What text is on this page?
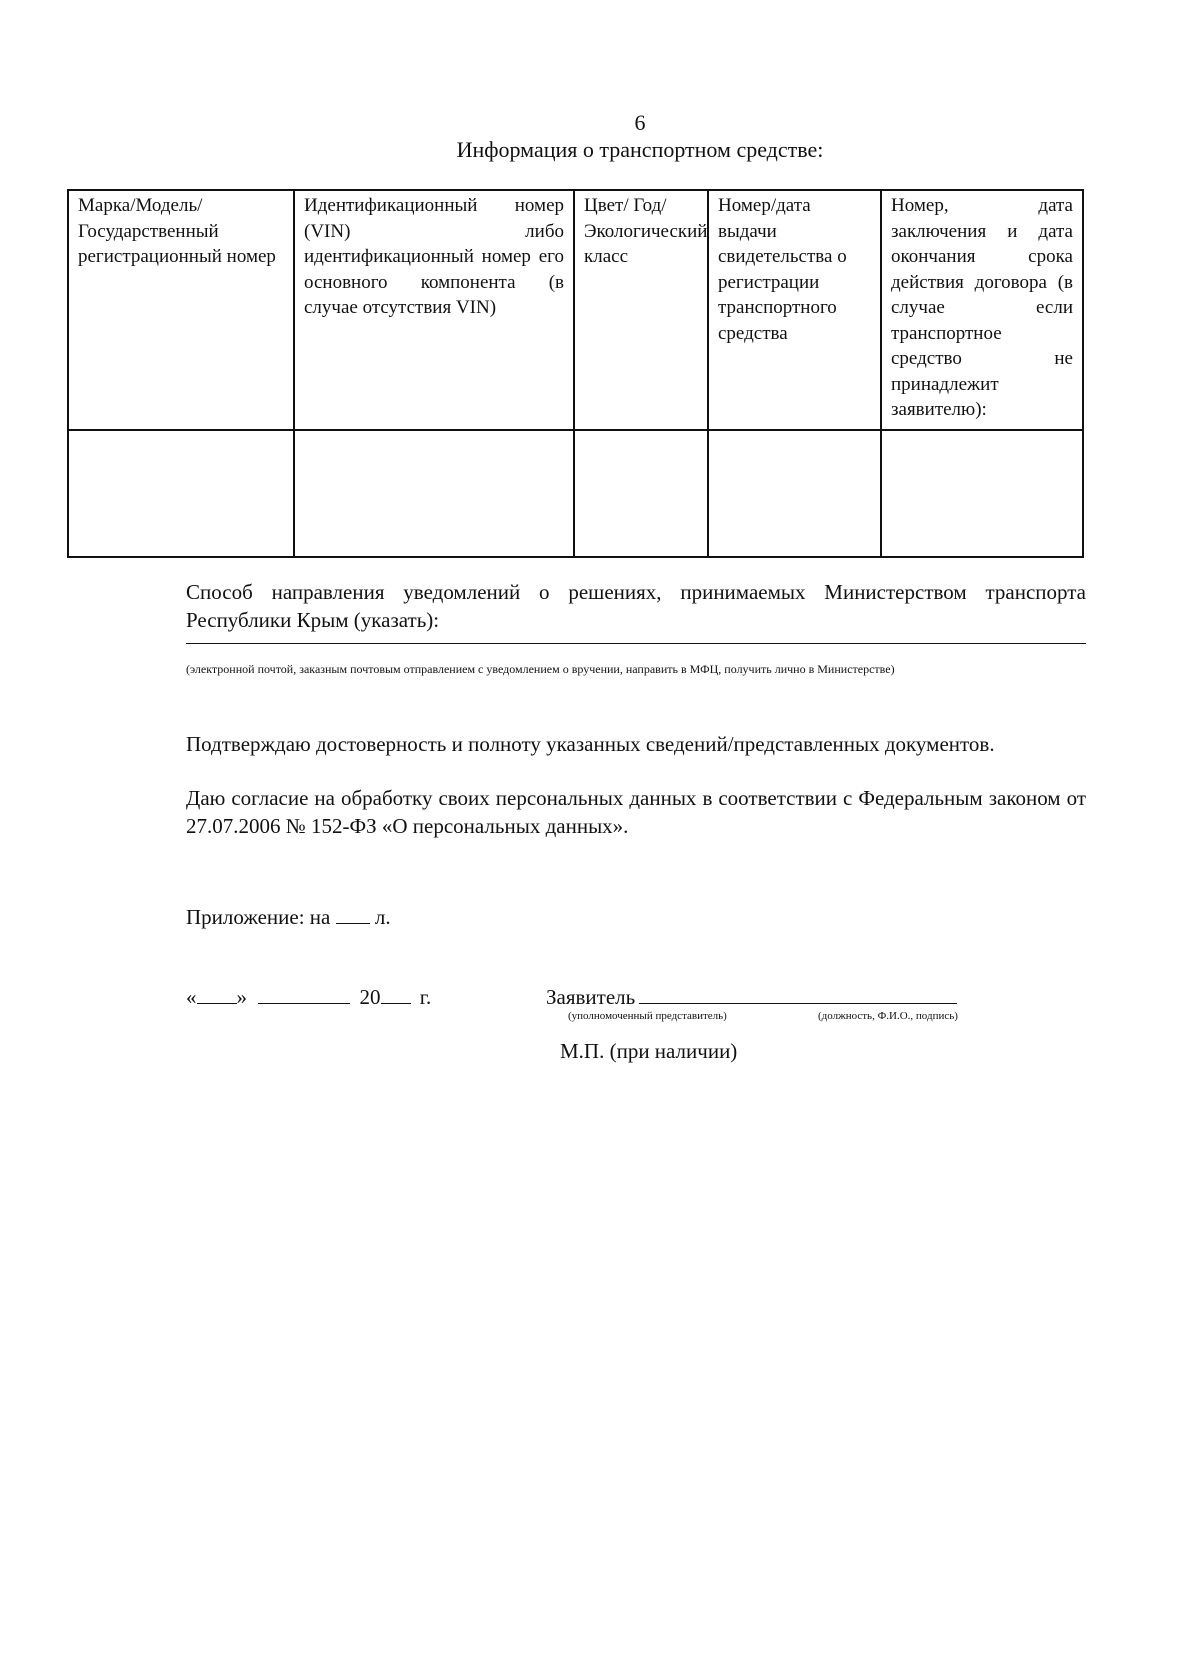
6
Информация о транспортном средстве:
Марка/Модель/ Государственный регистрационный номер	Идентификационный номер (VIN) либо идентификационный номер его основного компонента (в случае отсутствия VIN)	Цвет/ Год/ Экологический класс	Номер/дата выдачи свидетельства о регистрации транспортного средства	Номер, дата заключения и дата окончания срока действия договора (в случае если транспортное средство не принадлежит заявителю):

Способ направления уведомлений о решениях, принимаемых Министерством транспорта Республики Крым (указать):
(электронной почтой, заказным почтовым отправлением с уведомлением о вручении, направить в МФЦ, получить лично в Министерстве)
Подтверждаю достоверность и полноту указанных сведений/представленных документов.
Даю согласие на обработку своих персональных данных в соответствии с Федеральным законом от 27.07.2006 № 152-ФЗ «О персональных данных».
Приложение: на л.
« »	20 г.	Заявитель
(уполномоченный представитель)	(должность, Ф.И.О., подпись)
М.П. (при наличии)
